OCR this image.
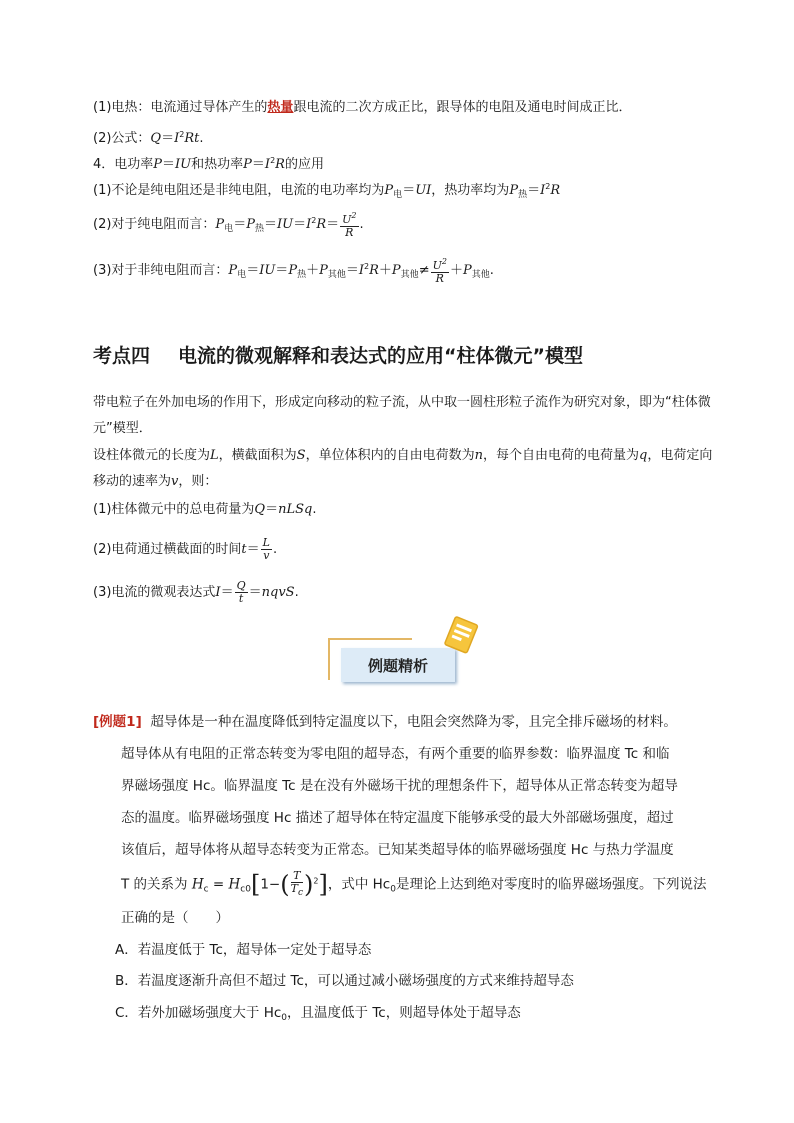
(1)电热：电流通过导体产生的热量跟电流的二次方成正比，跟导体的电阻及通电时间成正比．
(2)公式：$Q=I^2Rt$.
4．电功率P＝IU和热功率$P=I^2R$的应用
(1)不论是纯电阻还是非纯电阻，电流的电功率均为$P_电=UI$，热功率均为$P_热=I^2R$
(2)对于纯电阻而言：$P_电=P_热=IU=I^2R= \frac{U^2}{R}$ .
(3)对于非纯电阻而言：$P_电=IU=P_热+P_{其他}=I^2R+P_{其他}\ne \frac{U^2}{R} +P_{其他}$.
考点四 电流的微观解释和表达式的应用“柱体微元”模型
带电粒子在外加电场的作用下，形成定向移动的粒子流，从中取一圆柱形粒子流作为研究对象，即为“柱体微元”模型．
设柱体微元的长度为L，横截面积为S，单位体积内的自由电荷数为n，每个自由电荷的电荷量为q，电荷定向移动的速率为v，则：
(1)柱体微元中的总电荷量为Q＝nLSq.
(2)电荷通过横截面的时间$t= \frac{L}{v}$ .
(3)电流的微观表达式$I= \frac{Q}{t}$ ＝nqvS.
例题精析
[例题1] 超导体是一种在温度降低到特定温度以下，电阻会突然降为零，且完全排斥磁场的材料。
超导体从有电阻的正常态转变为零电阻的超导态，有两个重要的临界参数：临界温度 Tc 和临
界磁场强度 Hc。临界温度 Tc 是在没有外磁场干扰的理想条件下，超导体从正常态转变为超导
态的温度。临界磁场强度 Hc 描述了超导体在特定温度下能够承受的最大外部磁场强度，超过
该值后，超导体将从超导态转变为正常态。已知某类超导体的临界磁场强度 Hc 与热力学温度
T 的关系为 $H_c = H_{c0}[1-( \frac{T}{T_c} )^2]$，式中 $Hc_0$是理论上达到绝对零度时的临界磁场强度。下列说法
正确的是（　　）
A．若温度低于 Tc，超导体一定处于超导态
B．若温度逐渐升高但不超过 Tc，可以通过减小磁场强度的方式来维持超导态
C．若外加磁场强度大于 $Hc_0$，且温度低于 Tc，则超导体处于超导态
